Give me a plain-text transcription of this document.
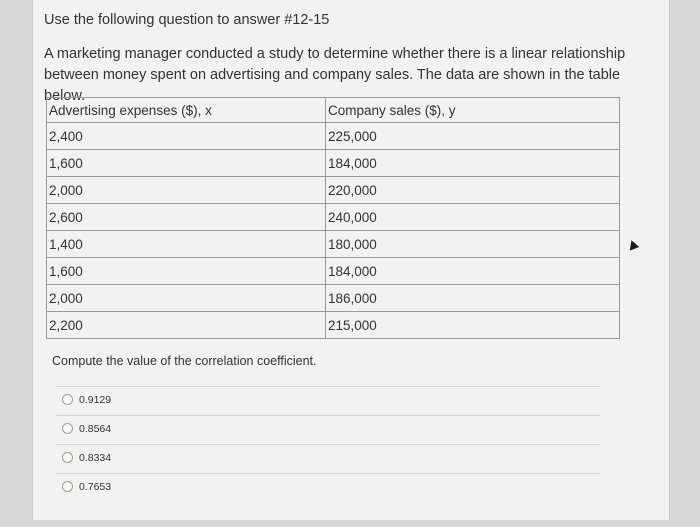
Use the following question to answer #12-15
A marketing manager conducted a study to determine whether there is a linear relationship between money spent on advertising and company sales. The data are shown in the table below.
Advertising expenses ($), x	Company sales ($), y
2,400	225,000
1,600	184,000
2,000	220,000
2,600	240,000
1,400	180,000
1,600	184,000
2,000	186,000
2,200	215,000
Compute the value of the correlation coefficient.
0.9129
0.8564
0.8334
0.7653
